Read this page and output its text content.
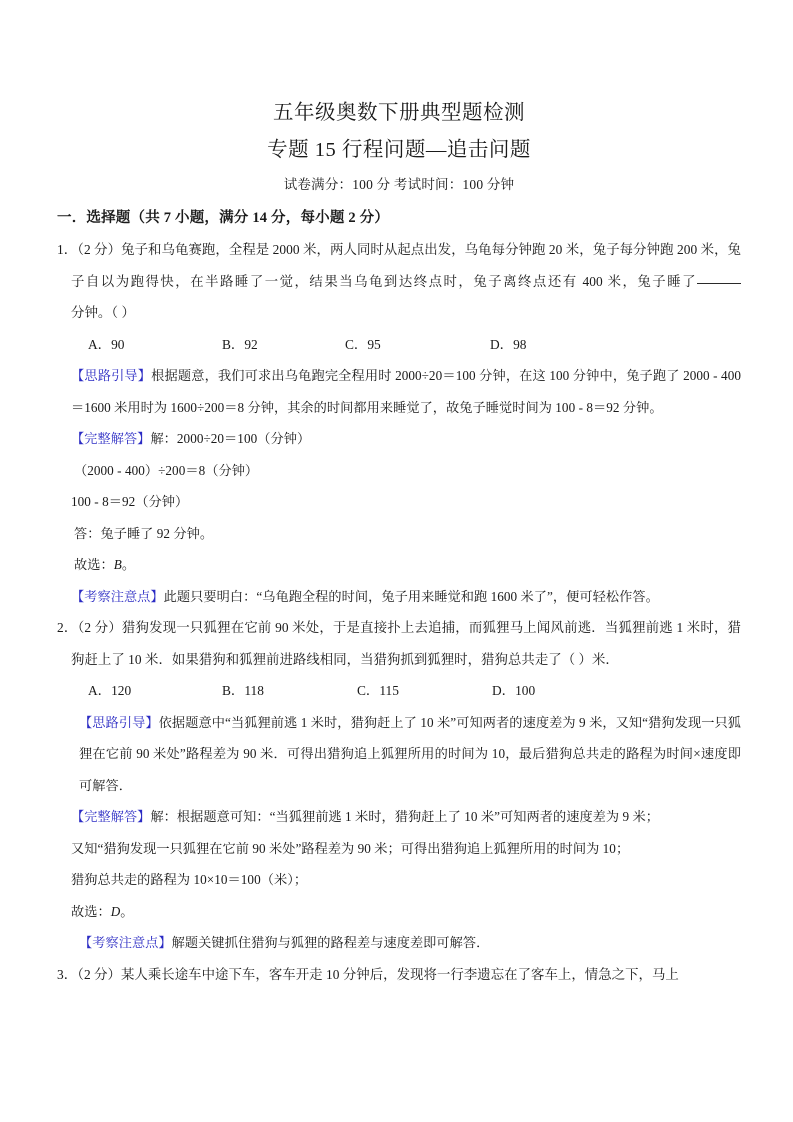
五年级奥数下册典型题检测
专题 15 行程问题—追击问题
试卷满分：100 分 考试时间：100 分钟
一．选择题（共 7 小题，满分 14 分，每小题 2 分）

1．（2 分）兔子和乌龟赛跑，全程是 2000 米，两人同时从起点出发，乌龟每分钟跑 20 米，兔子每分钟跑 200 米，兔子自以为跑得快，在半路睡了一觉，结果当乌龟到达终点时，兔子离终点还有 400 米，兔子睡了分钟。（ ）

A．90	B．92	C．95	D．98

【思路引导】根据题意，我们可求出乌龟跑完全程用时 2000÷20＝100 分钟，在这 100 分钟中，兔子跑了 2000 - 400＝1600 米用时为 1600÷200＝8 分钟，其余的时间都用来睡觉了，故兔子睡觉时间为 100 - 8＝92 分钟。

【完整解答】解：2000÷20＝100（分钟）

（2000 - 400）÷200＝8（分钟）

100 - 8＝92（分钟）

答：兔子睡了 92 分钟。

故选：B。

【考察注意点】此题只要明白：“乌龟跑全程的时间，兔子用来睡觉和跑 1600 米了”，便可轻松作答。

2．（2 分）猎狗发现一只狐狸在它前 90 米处，于是直接扑上去追捕，而狐狸马上闻风前逃．当狐狸前逃 1 米时，猎狗赶上了 10 米．如果猎狗和狐狸前进路线相同，当猎狗抓到狐狸时，猎狗总共走了（ ）米．

A．120	B．118	C．115	D．100

【思路引导】依据题意中“当狐狸前逃 1 米时，猎狗赶上了 10 米”可知两者的速度差为 9 米，又知“猎狗发现一只狐狸在它前 90 米处”路程差为 90 米．可得出猎狗追上狐狸所用的时间为 10，最后猎狗总共走的路程为时间×速度即可解答．

【完整解答】解：根据题意可知：“当狐狸前逃 1 米时，猎狗赶上了 10 米”可知两者的速度差为 9 米；

又知“猎狗发现一只狐狸在它前 90 米处”路程差为 90 米；可得出猎狗追上狐狸所用的时间为 10；

猎狗总共走的路程为 10×10＝100（米）；

故选：D。

【考察注意点】解题关键抓住猎狗与狐狸的路程差与速度差即可解答．

3．（2 分）某人乘长途车中途下车，客车开走 10 分钟后，发现将一行李遗忘在了客车上，情急之下，马上
